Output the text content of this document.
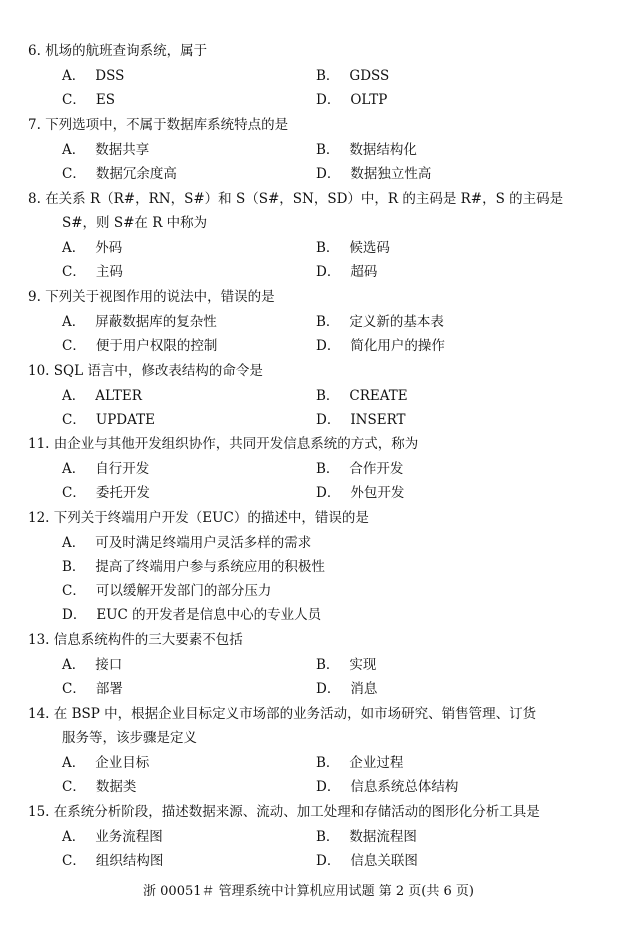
6. 机场的航班查询系统，属于
A． DSS	B． GDSS
C． ES	D． OLTP
7. 下列选项中，不属于数据库系统特点的是
A． 数据共享	B． 数据结构化
C． 数据冗余度高	D． 数据独立性高
8. 在关系 R（R#，RN，S#）和 S（S#，SN，SD）中，R 的主码是 R#，S 的主码是
S#，则 S#在 R 中称为
A． 外码	B． 候选码
C． 主码	D． 超码
9. 下列关于视图作用的说法中，错误的是
A． 屏蔽数据库的复杂性	B． 定义新的基本表
C． 便于用户权限的控制	D． 简化用户的操作
10. SQL 语言中，修改表结构的命令是
A． ALTER	B． CREATE
C． UPDATE	D． INSERT
11. 由企业与其他开发组织协作，共同开发信息系统的方式，称为
A． 自行开发	B． 合作开发
C． 委托开发	D． 外包开发
12. 下列关于终端用户开发（EUC）的描述中，错误的是
A． 可及时满足终端用户灵活多样的需求
B． 提高了终端用户参与系统应用的积极性
C． 可以缓解开发部门的部分压力
D． EUC 的开发者是信息中心的专业人员
13. 信息系统构件的三大要素不包括
A． 接口	B． 实现
C． 部署	D． 消息
14. 在 BSP 中，根据企业目标定义市场部的业务活动，如市场研究、销售管理、订货
服务等，该步骤是定义
A． 企业目标	B． 企业过程
C． 数据类	D． 信息系统总体结构
15. 在系统分析阶段，描述数据来源、流动、加工处理和存储活动的图形化分析工具是
A． 业务流程图	B． 数据流程图
C． 组织结构图	D． 信息关联图
浙 00051＃ 管理系统中计算机应用试题 第 2 页(共 6 页)
